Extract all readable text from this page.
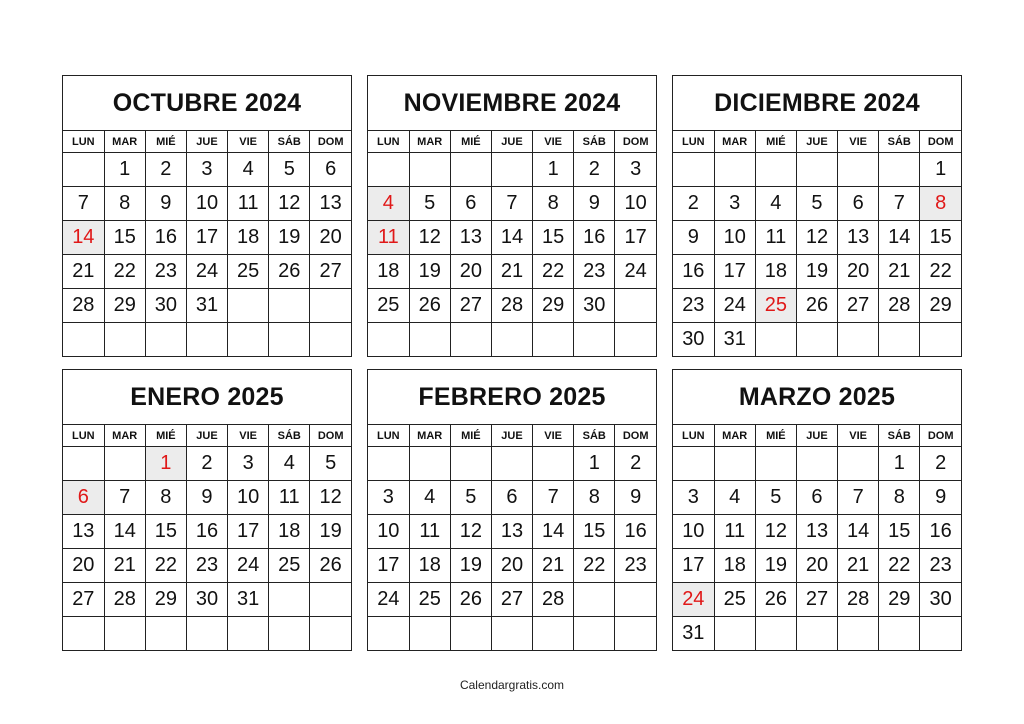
OCTUBRE 2024
LUN	MAR	MIÉ	JUE	VIE	SÁB	DOM
	1	2	3	4	5	6
7	8	9	10	11	12	13
14	15	16	17	18	19	20
21	22	23	24	25	26	27
28	29	30	31			

NOVIEMBRE 2024
LUN	MAR	MIÉ	JUE	VIE	SÁB	DOM
				1	2	3
4	5	6	7	8	9	10
11	12	13	14	15	16	17
18	19	20	21	22	23	24
25	26	27	28	29	30	

DICIEMBRE 2024
LUN	MAR	MIÉ	JUE	VIE	SÁB	DOM
						1
2	3	4	5	6	7	8
9	10	11	12	13	14	15
16	17	18	19	20	21	22
23	24	25	26	27	28	29
30	31					
ENERO 2025
LUN	MAR	MIÉ	JUE	VIE	SÁB	DOM
		1	2	3	4	5
6	7	8	9	10	11	12
13	14	15	16	17	18	19
20	21	22	23	24	25	26
27	28	29	30	31		

FEBRERO 2025
LUN	MAR	MIÉ	JUE	VIE	SÁB	DOM
					1	2
3	4	5	6	7	8	9
10	11	12	13	14	15	16
17	18	19	20	21	22	23
24	25	26	27	28		

MARZO 2025
LUN	MAR	MIÉ	JUE	VIE	SÁB	DOM
					1	2
3	4	5	6	7	8	9
10	11	12	13	14	15	16
17	18	19	20	21	22	23
24	25	26	27	28	29	30
31						
Calendargratis.com
